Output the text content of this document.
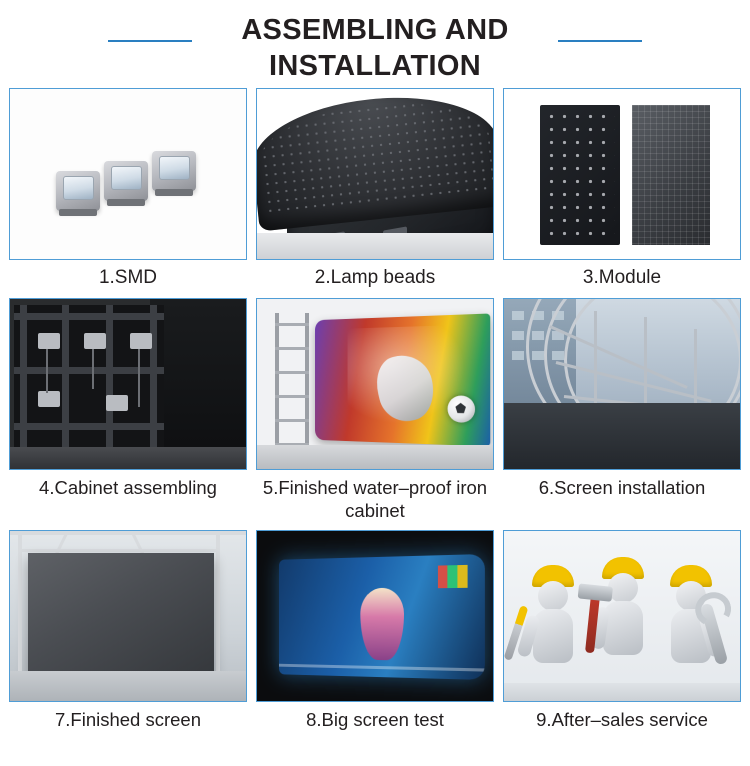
ASSEMBLING AND INSTALLATION
1.SMD	2.Lamp beads	3.Module
4.Cabinet assembling	5.Finished water–proof iron cabinet
6.Screen installation
7.Finished screen	8.Big screen test	9.After–sales service
